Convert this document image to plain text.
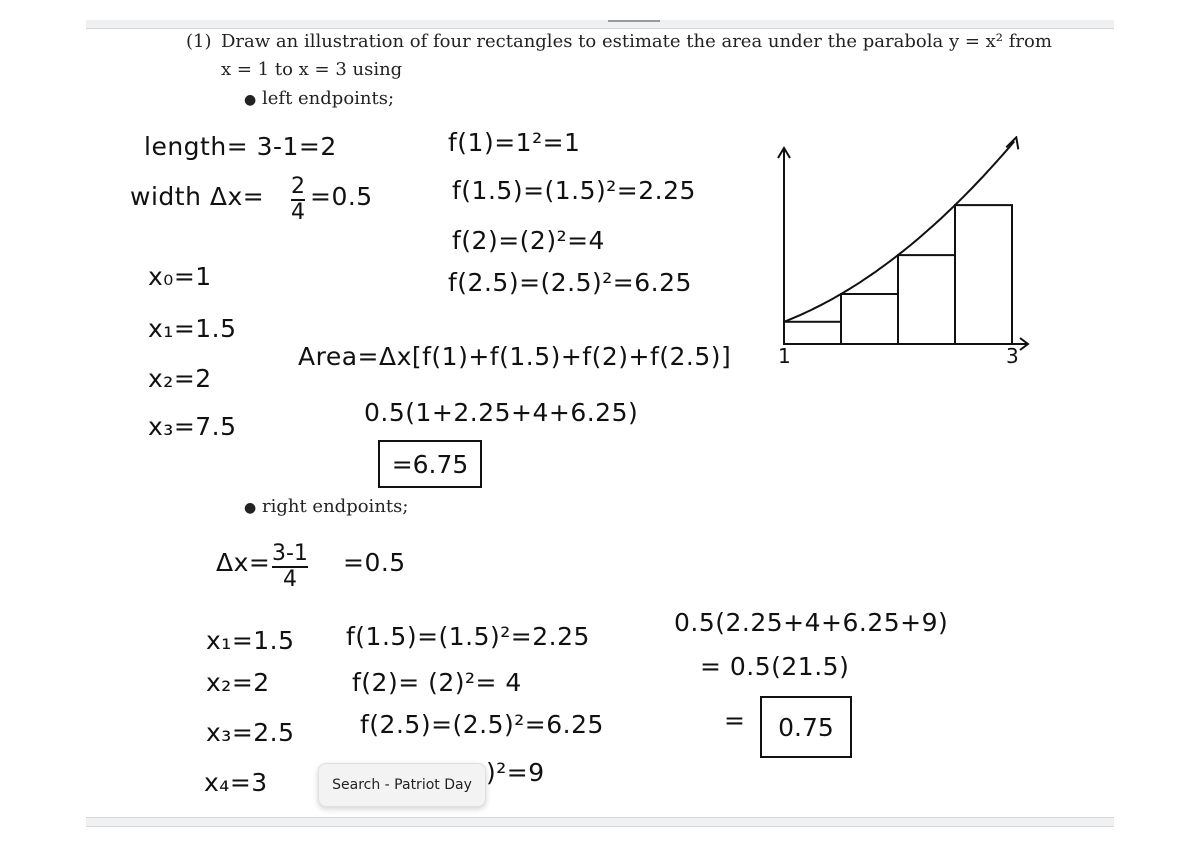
(1) Draw an illustration of four rectangles to estimate the area under the parabola y = x² from
x = 1 to x = 3 using
● left endpoints;
length= 3-1=2
width Δx= 2
4
=0.5
x₀=1
x₁=1.5
x₂=2
x₃=7.5
f(1)=1²=1
f(1.5)=(1.5)²=2.25
f(2)=(2)²=4
f(2.5)=(2.5)²=6.25
Area=Δx[f(1)+f(1.5)+f(2)+f(2.5)]
0.5(1+2.25+4+6.25)
=6.75
1	3
● right endpoints;
Δx= 3-1
4
=0.5
x₁=1.5
x₂=2
x₃=2.5
x₄=3
f(1.5)=(1.5)²=2.25
f(2)= (2)²= 4
f(2.5)=(2.5)²=6.25
)²=9
0.5(2.25+4+6.25+9)
= 0.5(21.5)
=	0.75
Search - Patriot Day
